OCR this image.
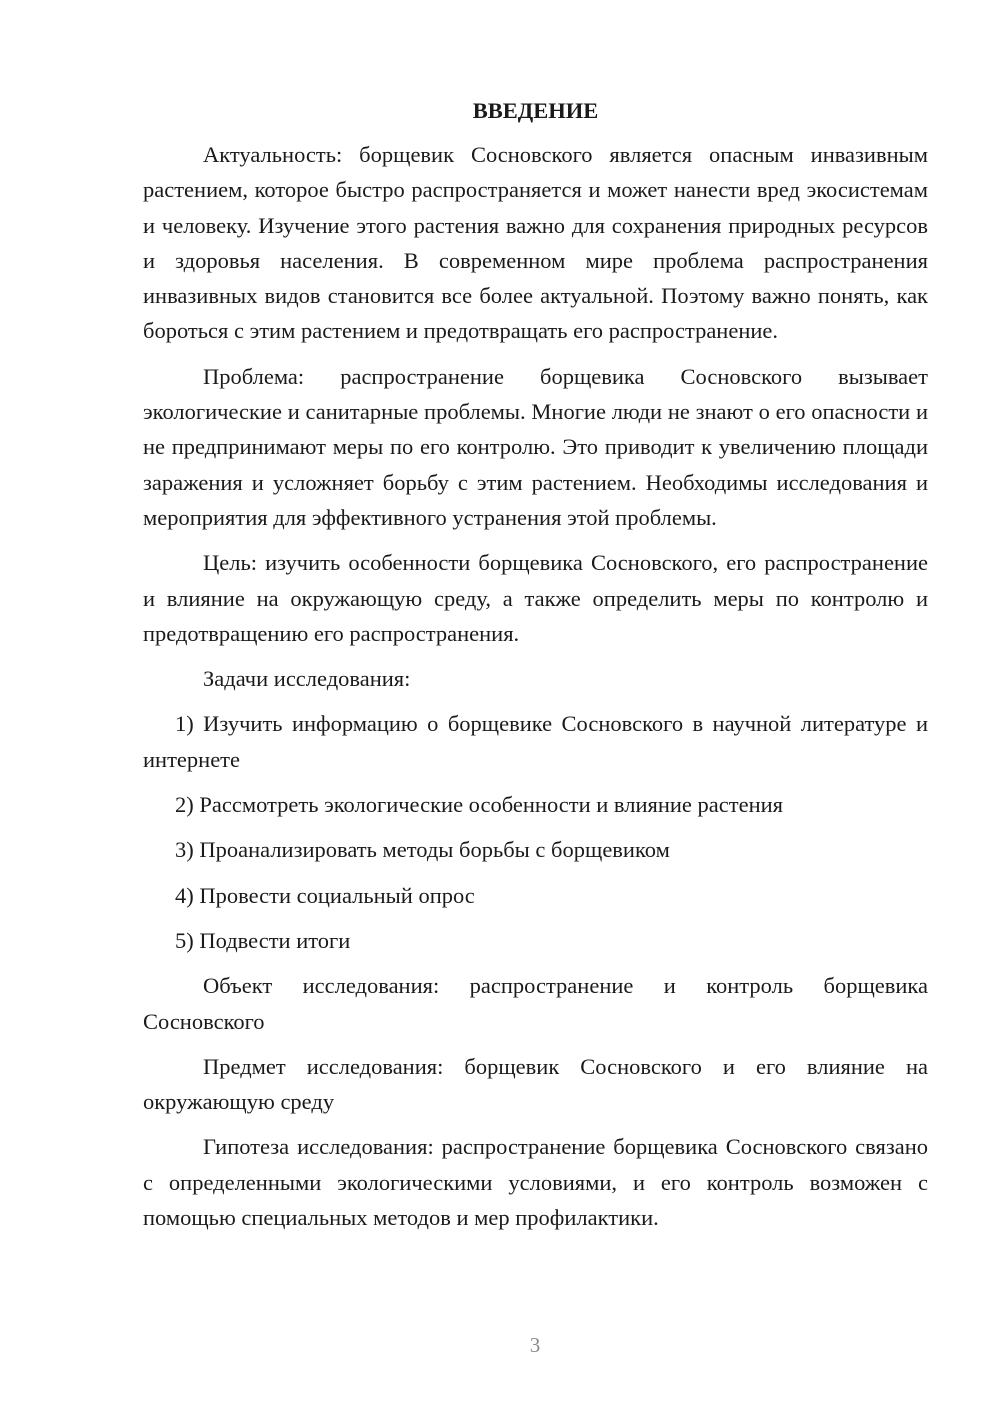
ВВЕДЕНИЕ

Актуальность: борщевик Сосновского является опасным инвазивным растением, которое быстро распространяется и может нанести вред экосистемам и человеку. Изучение этого растения важно для сохранения природных ресурсов и здоровья населения. В современном мире проблема распространения инвазивных видов становится все более актуальной. Поэтому важно понять, как бороться с этим растением и предотвращать его распространение.

Проблема: распространение борщевика Сосновского вызывает экологические и санитарные проблемы. Многие люди не знают о его опасности и не предпринимают меры по его контролю. Это приводит к увеличению площади заражения и усложняет борьбу с этим растением. Необходимы исследования и мероприятия для эффективного устранения этой проблемы.

Цель: изучить особенности борщевика Сосновского, его распространение и влияние на окружающую среду, а также определить меры по контролю и предотвращению его распространения.

Задачи исследования:

1) Изучить информацию о борщевике Сосновского в научной литературе и интернете

2) Рассмотреть экологические особенности и влияние растения

3) Проанализировать методы борьбы с борщевиком

4) Провести социальный опрос

5) Подвести итоги

Объект исследования: распространение и контроль борщевика Сосновского

Предмет исследования: борщевик Сосновского и его влияние на окружающую среду

Гипотеза исследования: распространение борщевика Сосновского связано с определенными экологическими условиями, и его контроль возможен с помощью специальных методов и мер профилактики.

3
